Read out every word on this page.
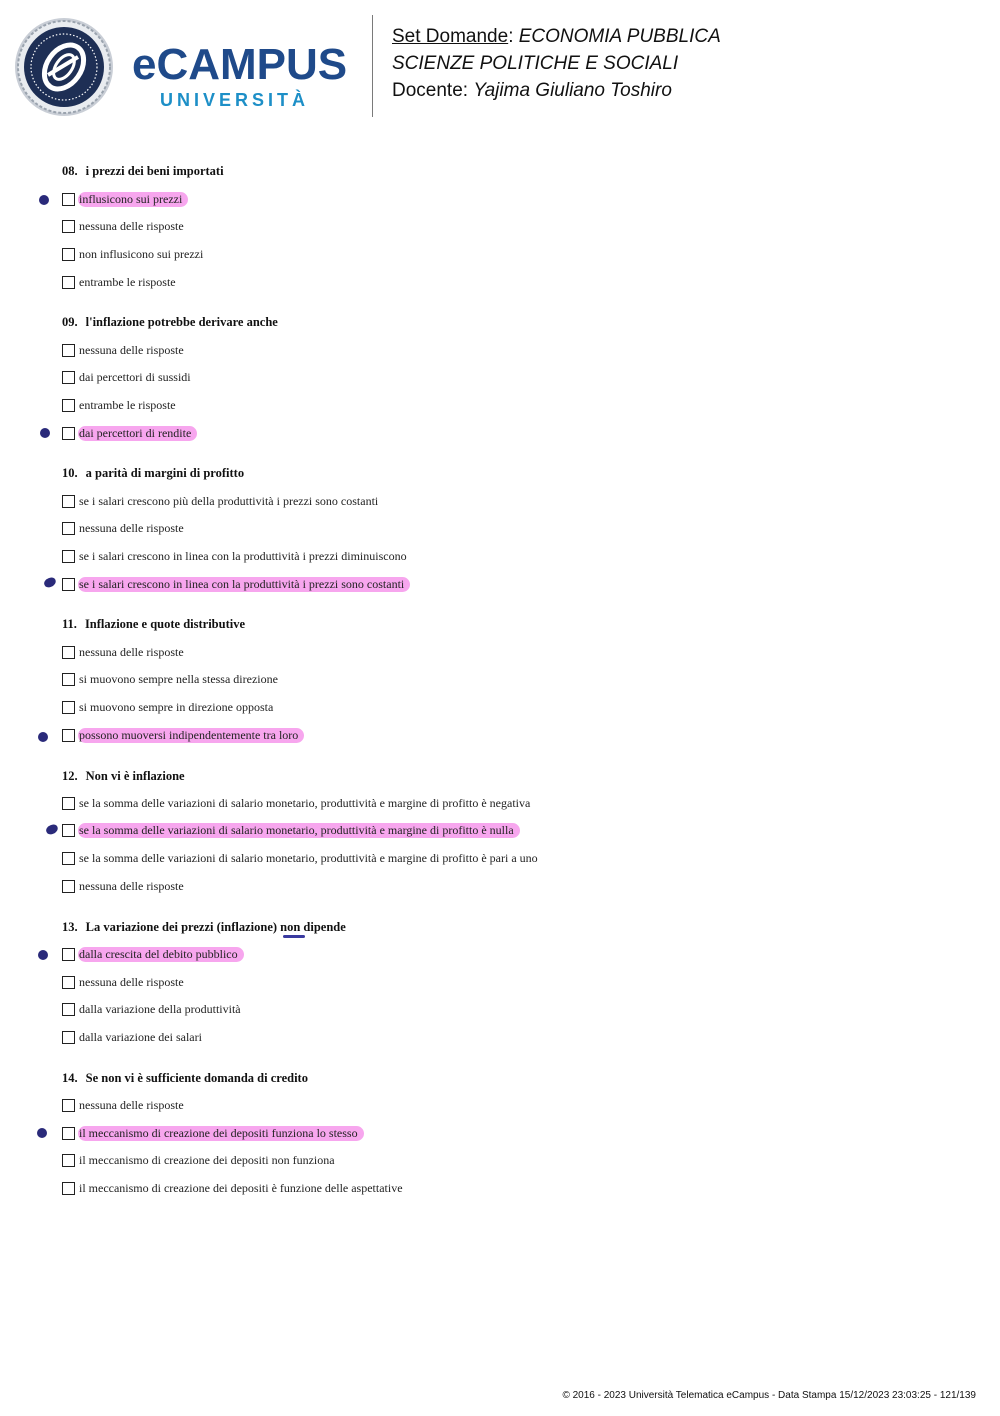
eCAMPUS
UNIVERSITÀ
Set Domande: ECONOMIA PUBBLICA
SCIENZE POLITICHE E SOCIALI
Docente: Yajima Giuliano Toshiro
08. i prezzi dei beni importati
influsicono sui prezzi
nessuna delle risposte
non influsicono sui prezzi
entrambe le risposte
09. l'inflazione potrebbe derivare anche
nessuna delle risposte
dai percettori di sussidi
entrambe le risposte
dai percettori di rendite
10. a parità di margini di profitto
se i salari crescono più della produttività i prezzi sono costanti
nessuna delle risposte
se i salari crescono in linea con la produttività i prezzi diminuiscono
se i salari crescono in linea con la produttività i prezzi sono costanti
11. Inflazione e quote distributive
nessuna delle risposte
si muovono sempre nella stessa direzione
si muovono sempre in direzione opposta
possono muoversi indipendentemente tra loro
12. Non vi è inflazione
se la somma delle variazioni di salario monetario, produttività e margine di profitto è negativa
se la somma delle variazioni di salario monetario, produttività e margine di profitto è nulla
se la somma delle variazioni di salario monetario, produttività e margine di profitto è pari a uno
nessuna delle risposte
13. La variazione dei prezzi (inflazione) non dipende
dalla crescita del debito pubblico
nessuna delle risposte
dalla variazione della produttività
dalla variazione dei salari
14. Se non vi è sufficiente domanda di credito
nessuna delle risposte
il meccanismo di creazione dei depositi funziona lo stesso
il meccanismo di creazione dei depositi non funziona
il meccanismo di creazione dei depositi è funzione delle aspettative
© 2016 - 2023 Università Telematica eCampus - Data Stampa 15/12/2023 23:03:25 - 121/139
